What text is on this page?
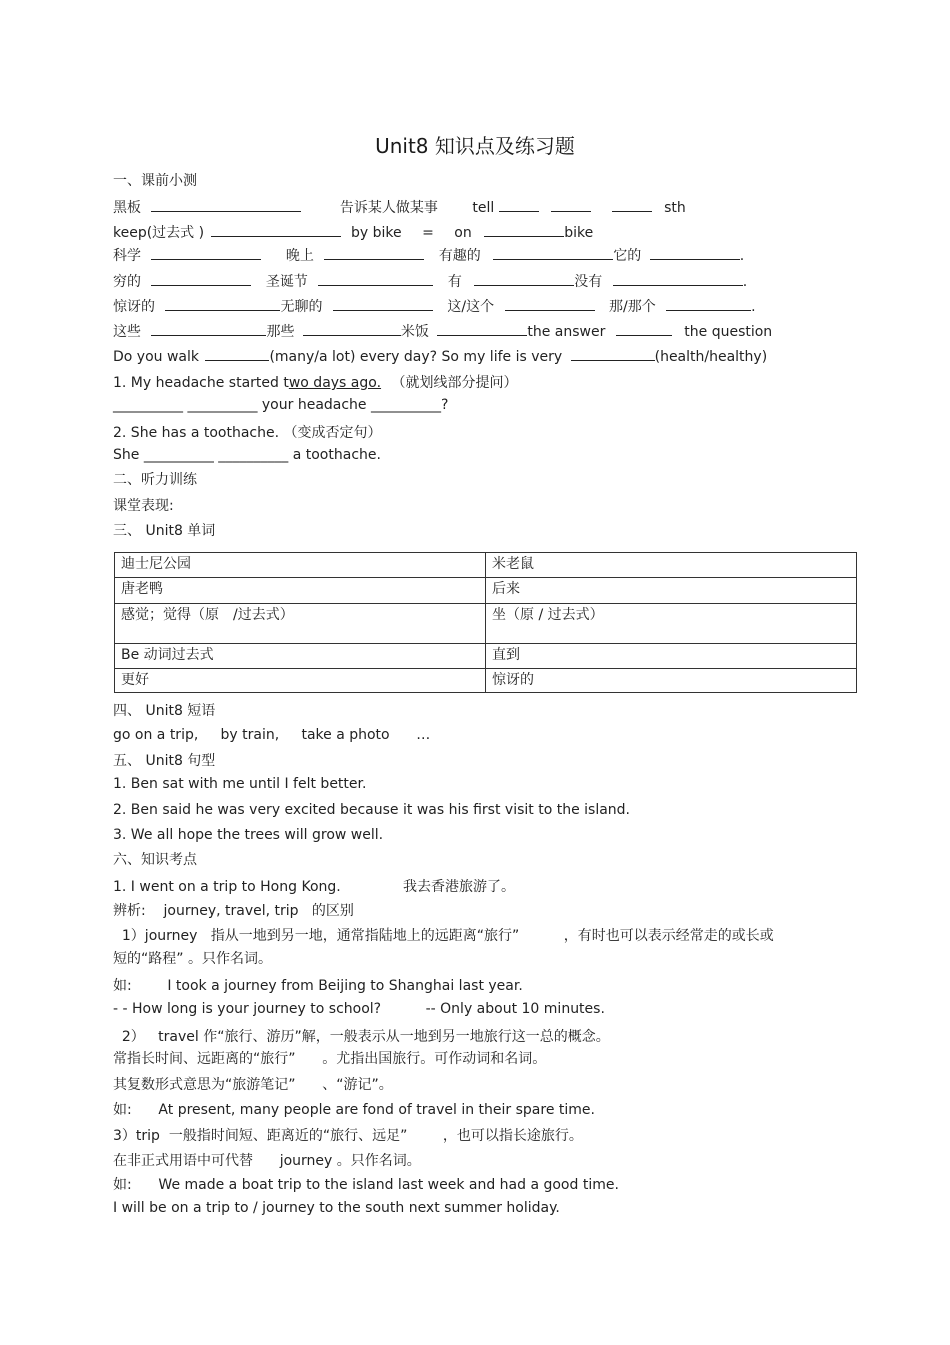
Unit8 知识点及练习题
一、课前小测
黑板	告诉某人做某事 tell	sth
keep(过去式 )	by bike = on	bike
科学	晚上	有趣的	它的	.
穷的	圣诞节	有	没有	.
惊讶的	无聊的	这/这个	那/那个	.
这些	那些	米饭	the answer	the question
Do you walk	(many/a lot) every day? So my life is very	(health/healthy)
1. My headache started two days ago. （就划线部分提问）
__________ __________ your headache __________?
2. She has a toothache. （变成否定句）
She __________ __________ a toothache.
二、听力训练
课堂表现:
三、 Unit8 单词
迪士尼公园	米老鼠
唐老鸭	后来
感觉；觉得（原　/过去式）	坐（原 / 过去式）
Be 动词过去式	直到
更好	惊讶的
四、 Unit8 短语
go on a trip,     by train,     take a photo      …
五、 Unit8 句型
1. Ben sat with me until I felt better.
2. Ben said he was very excited because it was his first visit to the island.
3. We all hope the trees will grow well.
六、知识考点
1. I went on a trip to Hong Kong.              我去香港旅游了。
辨析:    journey, travel, trip   的区别
1）journey   指从一地到另一地，通常指陆地上的远距离“旅行”          ，有时也可以表示经常走的或长或
短的“路程” 。只作名词。
如:        I took a journey from Beijing to Shanghai last year.
- - How long is your journey to school?          -- Only about 10 minutes.
2）   travel 作“旅行、游历”解，一般表示从一地到另一地旅行这一总的概念。
常指长时间、远距离的“旅行”      。尤指出国旅行。可作动词和名词。
其复数形式意思为“旅游笔记”      、“游记”。
如:      At present, many people are fond of travel in their spare time.
3）trip  一般指时间短、距离近的“旅行、远足”        ，也可以指长途旅行。
在非正式用语中可代替      journey 。只作名词。
如:      We made a boat trip to the island last week and had a good time.
I will be on a trip to / journey to the south next summer holiday.
